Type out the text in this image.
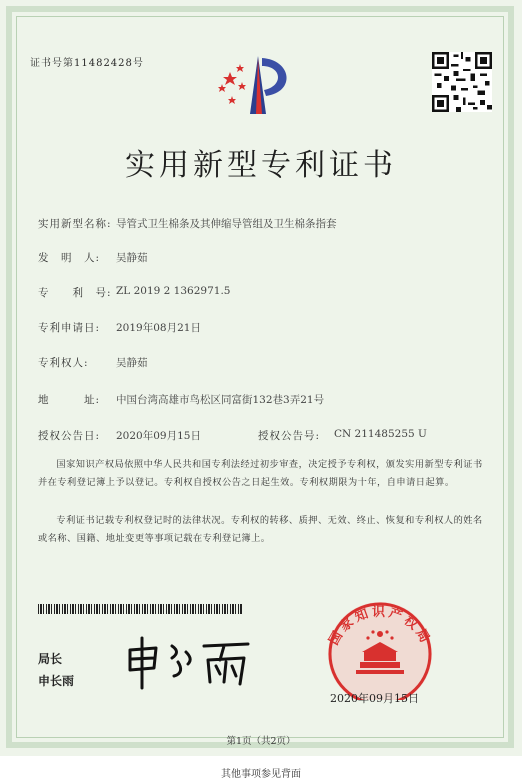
证书号第11482428号
实用新型专利证书
实用新型名称: 导管式卫生棉条及其伸缩导管组及卫生棉条指套
发　明　人: 吴静茹
专　　利　号: ZL 2019 2 1362971.5
专利申请日: 2019年08月21日
专利权人:	吴静茹
地　　　址: 中国台湾高雄市鸟松区同富街132巷3弄21号
授权公告日: 2020年09月15日	授权公告号: CN 211485255 U
国家知识产权局依照中华人民共和国专利法经过初步审查，决定授予专利权，颁发实用新型专利证书并在专利登记簿上予以登记。专利权自授权公告之日起生效。专利权期限为十年，自申请日起算。
专利证书记载专利权登记时的法律状况。专利权的转移、质押、无效、终止、恢复和专利权人的姓名或名称、国籍、地址变更等事项记载在专利登记簿上。
局长
申长雨
国家知识产权局
2020年09月15日
第1页（共2页）
其他事项参见背面
